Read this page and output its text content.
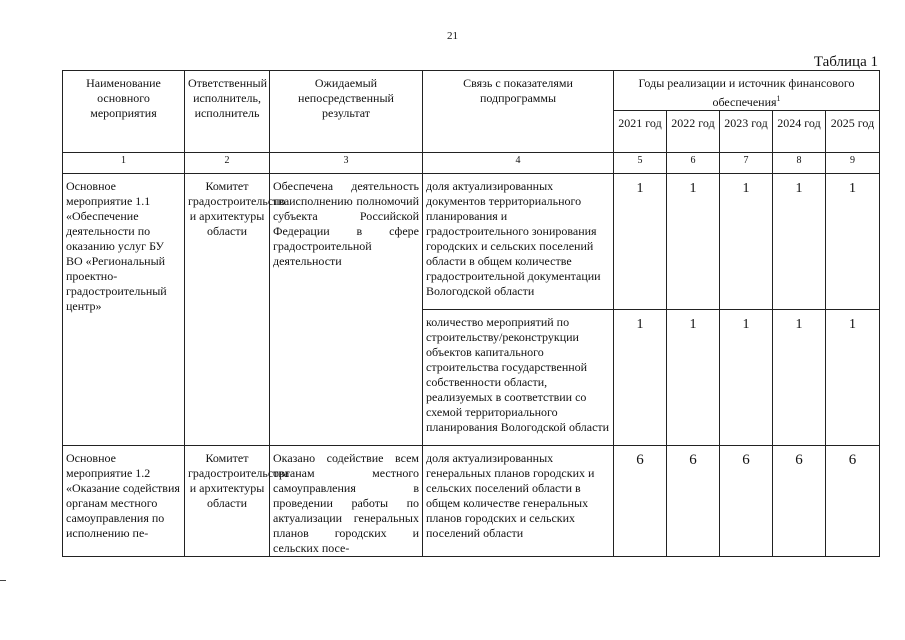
21
Таблица 1
Наименование основного мероприятия	Ответственный исполнитель, исполнитель	Ожидаемый непосредственный результат	Связь с показателями подпрограммы	Годы реализации и источник финансового обеспечения$^1$
				2021 год	2022 год	2023 год	2024 год	2025 год
1	2	3	4	5	6	7	8	9
Основное мероприятие 1.1 «Обеспечение деятельности по оказанию услуг БУ ВО «Региональный проектно-градостроительный центр»	Комитет градостроительства и архитектуры области	Обеспечена деятельность по исполнению полномочий субъекта Российской Федерации в сфере градостроительной деятельности	доля актуализированных документов территориального планирования и градостроительного зонирования городских и сельских поселений области в общем количестве градостроительной документации Вологодской области	1	1	1	1	1
			количество мероприятий по строительству/реконструкции объектов капитального строительства государственной собственности области, реализуемых в соответствии со схемой территориального планирования Вологодской области	1	1	1	1	1
Основное мероприятие 1.2 «Оказание содействия органам местного самоуправления по исполнению пе-	Комитет градостроительства и архитектуры области	Оказано содействие всем органам местного самоуправления в проведении работы по актуализации генеральных планов городских и сельских посе-	доля актуализированных генеральных планов городских и сельских поселений области в общем количестве генеральных планов городских и сельских поселений области	6	6	6	6	6
